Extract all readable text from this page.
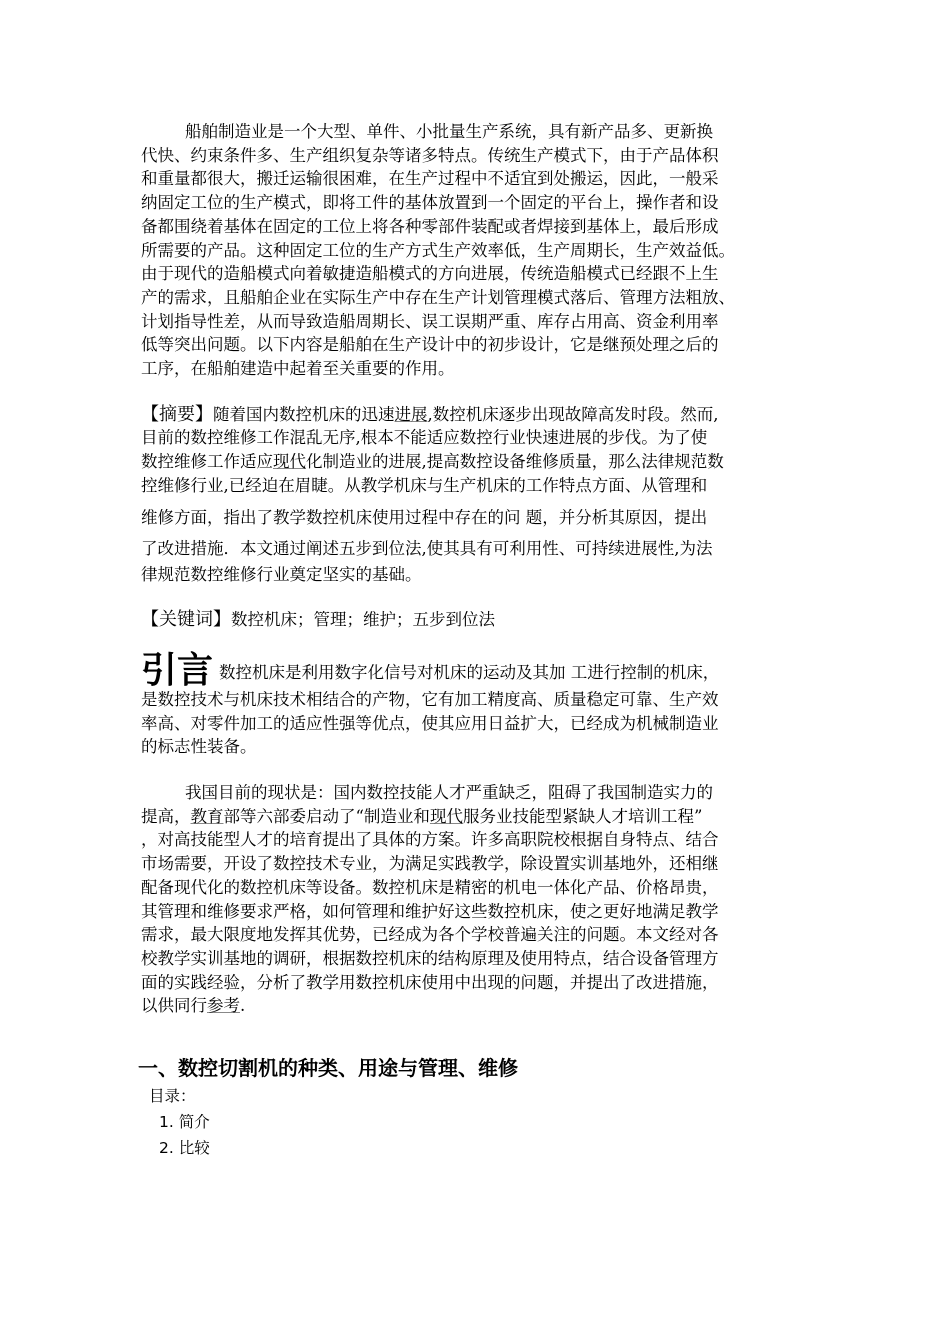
船舶制造业是一个大型、单件、小批量生产系统，具有新产品多、更新换
代快、约束条件多、生产组织复杂等诸多特点。传统生产模式下，由于产品体积
和重量都很大，搬迁运输很困难，在生产过程中不适宜到处搬运，因此，一般采
纳固定工位的生产模式，即将工件的基体放置到一个固定的平台上，操作者和设
备都围绕着基体在固定的工位上将各种零部件装配或者焊接到基体上，最后形成
所需要的产品。这种固定工位的生产方式生产效率低，生产周期长，生产效益低。
由于现代的造船模式向着敏捷造船模式的方向进展，传统造船模式已经跟不上生
产的需求，且船舶企业在实际生产中存在生产计划管理模式落后、管理方法粗放、
计划指导性差，从而导致造船周期长、误工误期严重、库存占用高、资金利用率
低等突出问题。以下内容是船舶在生产设计中的初步设计，它是继预处理之后的
工序，在船舶建造中起着至关重要的作用。

【摘要】随着国内数控机床的迅速进展,数控机床逐步出现故障高发时段。然而,
目前的数控维修工作混乱无序,根本不能适应数控行业快速进展的步伐。为了使
数控维修工作适应现代化制造业的进展,提高数控设备维修质量，那么法律规范数
控维修行业,已经迫在眉睫。从教学机床与生产机床的工作特点方面、从管理和

维修方面，指出了教学数控机床使用过程中存在的问 题，并分析其原因，提出
了改进措施．本文通过阐述五步到位法,使其具有可利用性、可持续进展性,为法

律规范数控维修行业奠定坚实的基础。

【关键词】数控机床；管理；维护；五步到位法

引言 数控机床是利用数字化信号对机床的运动及其加 工进行控制的机床，
是数控技术与机床技术相结合的产物，它有加工精度高、质量稳定可靠、生产效
率高、对零件加工的适应性强等优点，使其应用日益扩大，已经成为机械制造业
的标志性装备。

我国目前的现状是：国内数控技能人才严重缺乏，阻碍了我国制造实力的

提高，教育部等六部委启动了“制造业和现代服务业技能型紧缺人才培训工程”
，对高技能型人才的培育提出了具体的方案。许多高职院校根据自身特点、结合
市场需要，开设了数控技术专业，为满足实践教学，除设置实训基地外，还相继
配备现代化的数控机床等设备。数控机床是精密的机电一体化产品、价格昂贵，
其管理和维修要求严格，如何管理和维护好这些数控机床，使之更好地满足教学
需求，最大限度地发挥其优势，已经成为各个学校普遍关注的问题。本文经对各
校教学实训基地的调研，根据数控机床的结构原理及使用特点，结合设备管理方
面的实践经验，分析了教学用数控机床使用中出现的问题，并提出了改进措施，
以供同行参考.

一、数控切割机的种类、用途与管理、维修
目录：
1. 简介
2. 比较
